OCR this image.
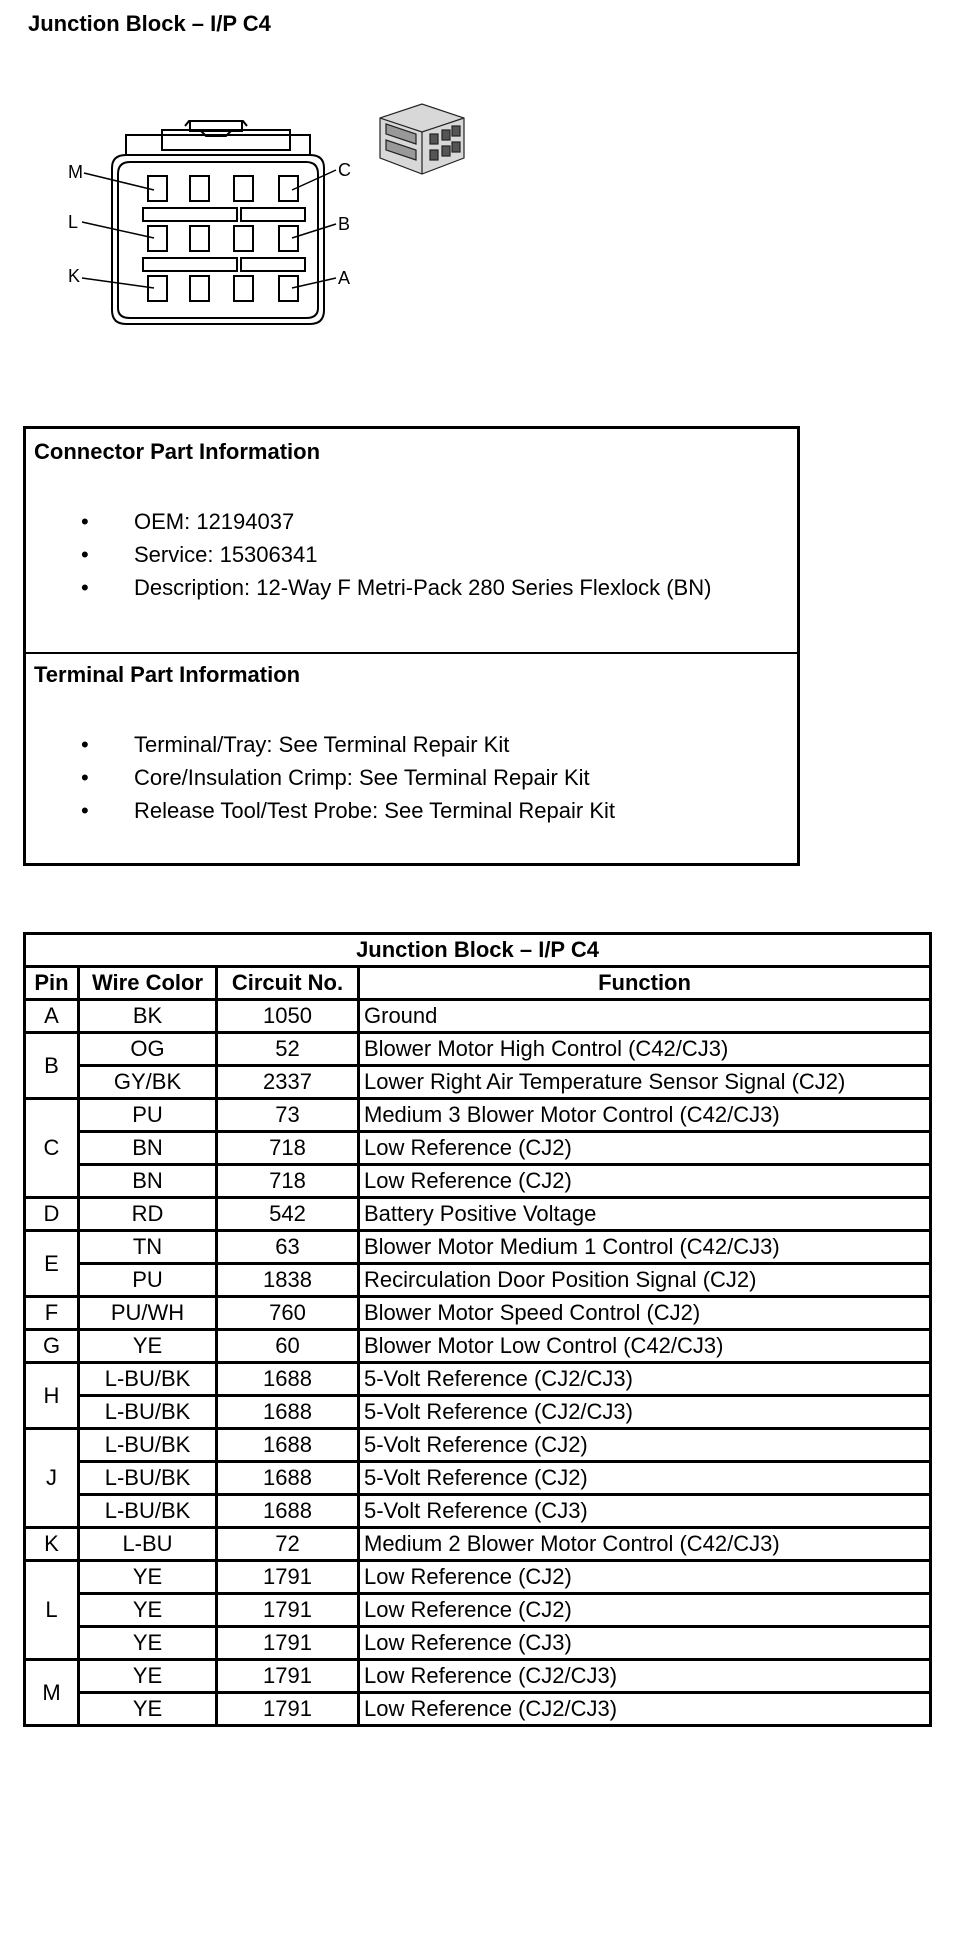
Junction Block – I/P C4
M
L
K
C
B
A
Connector Part Information
• OEM: 12194037
• Service: 15306341
• Description: 12-Way F Metri-Pack 280 Series Flexlock (BN)
Terminal Part Information
• Terminal/Tray: See Terminal Repair Kit
• Core/Insulation Crimp: See Terminal Repair Kit
• Release Tool/Test Probe: See Terminal Repair Kit
Junction Block – I/P C4			
Pin	Wire Color	Circuit No.	Function
A	BK	1050	Ground
B	OG	52	Blower Motor High Control (C42/CJ3)
	GY/BK	2337	Lower Right Air Temperature Sensor Signal (CJ2)
C	PU	73	Medium 3 Blower Motor Control (C42/CJ3)
	BN	718	Low Reference (CJ2)
	BN	718	Low Reference (CJ2)
D	RD	542	Battery Positive Voltage
E	TN	63	Blower Motor Medium 1 Control (C42/CJ3)
	PU	1838	Recirculation Door Position Signal (CJ2)
F	PU/WH	760	Blower Motor Speed Control (CJ2)
G	YE	60	Blower Motor Low Control (C42/CJ3)
H	L-BU/BK	1688	5-Volt Reference (CJ2/CJ3)
	L-BU/BK	1688	5-Volt Reference (CJ2/CJ3)
J	L-BU/BK	1688	5-Volt Reference (CJ2)
	L-BU/BK	1688	5-Volt Reference (CJ2)
	L-BU/BK	1688	5-Volt Reference (CJ3)
K	L-BU	72	Medium 2 Blower Motor Control (C42/CJ3)
L	YE	1791	Low Reference (CJ2)
	YE	1791	Low Reference (CJ2)
	YE	1791	Low Reference (CJ3)
M	YE	1791	Low Reference (CJ2/CJ3)
	YE	1791	Low Reference (CJ2/CJ3)
